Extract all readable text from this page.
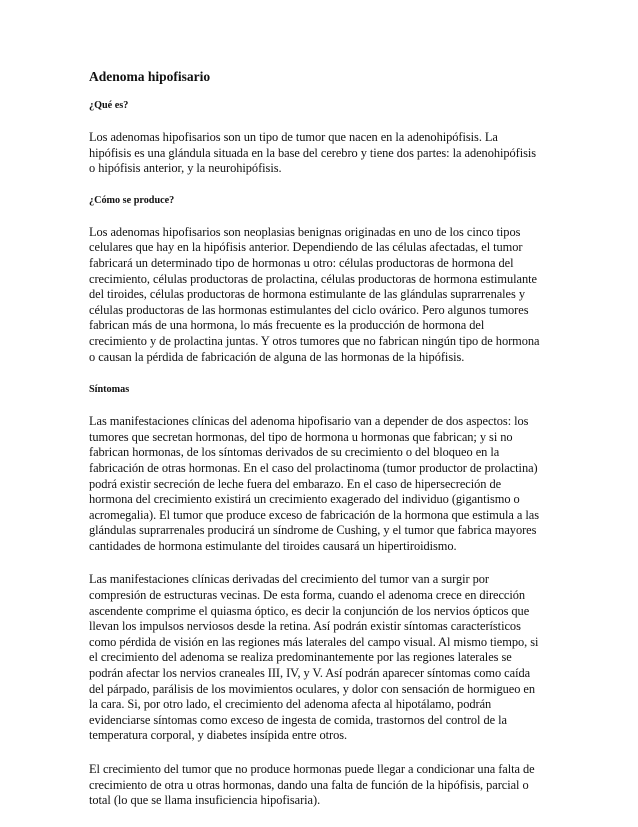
Adenoma hipofisario
¿Qué es?
Los adenomas hipofisarios son un tipo de tumor que nacen en la adenohipófisis. La
hipófisis es una glándula situada en la base del cerebro y tiene dos partes: la adenohipófisis
o hipófisis anterior, y la neurohipófisis.
¿Cómo se produce?
Los adenomas hipofisarios son neoplasias benignas originadas en uno de los cinco tipos
celulares que hay en la hipófisis anterior. Dependiendo de las células afectadas, el tumor
fabricará un determinado tipo de hormonas u otro: células productoras de hormona del
crecimiento, células productoras de prolactina, células productoras de hormona estimulante
del tiroides, células productoras de hormona estimulante de las glándulas suprarrenales y
células productoras de las hormonas estimulantes del ciclo ovárico. Pero algunos tumores
fabrican más de una hormona, lo más frecuente es la producción de hormona del
crecimiento y de prolactina juntas. Y otros tumores que no fabrican ningún tipo de hormona
o causan la pérdida de fabricación de alguna de las hormonas de la hipófisis.
Síntomas
Las manifestaciones clínicas del adenoma hipofisario van a depender de dos aspectos: los
tumores que secretan hormonas, del tipo de hormona u hormonas que fabrican; y si no
fabrican hormonas, de los síntomas derivados de su crecimiento o del bloqueo en la
fabricación de otras hormonas. En el caso del prolactinoma (tumor productor de prolactina)
podrá existir secreción de leche fuera del embarazo. En el caso de hipersecreción de
hormona del crecimiento existirá un crecimiento exagerado del individuo (gigantismo o
acromegalia). El tumor que produce exceso de fabricación de la hormona que estimula a las
glándulas suprarrenales producirá un síndrome de Cushing, y el tumor que fabrica mayores
cantidades de hormona estimulante del tiroides causará un hipertiroidismo.
Las manifestaciones clínicas derivadas del crecimiento del tumor van a surgir por
compresión de estructuras vecinas. De esta forma, cuando el adenoma crece en dirección
ascendente comprime el quiasma óptico, es decir la conjunción de los nervios ópticos que
llevan los impulsos nerviosos desde la retina. Así podrán existir síntomas característicos
como pérdida de visión en las regiones más laterales del campo visual. Al mismo tiempo, si
el crecimiento del adenoma se realiza predominantemente por las regiones laterales se
podrán afectar los nervios craneales III, IV, y V. Así podrán aparecer síntomas como caída
del párpado, parálisis de los movimientos oculares, y dolor con sensación de hormigueo en
la cara. Si, por otro lado, el crecimiento del adenoma afecta al hipotálamo, podrán
evidenciarse síntomas como exceso de ingesta de comida, trastornos del control de la
temperatura corporal, y diabetes insípida entre otros.
El crecimiento del tumor que no produce hormonas puede llegar a condicionar una falta de
crecimiento de otra u otras hormonas, dando una falta de función de la hipófisis, parcial o
total (lo que se llama insuficiencia hipofisaria).
